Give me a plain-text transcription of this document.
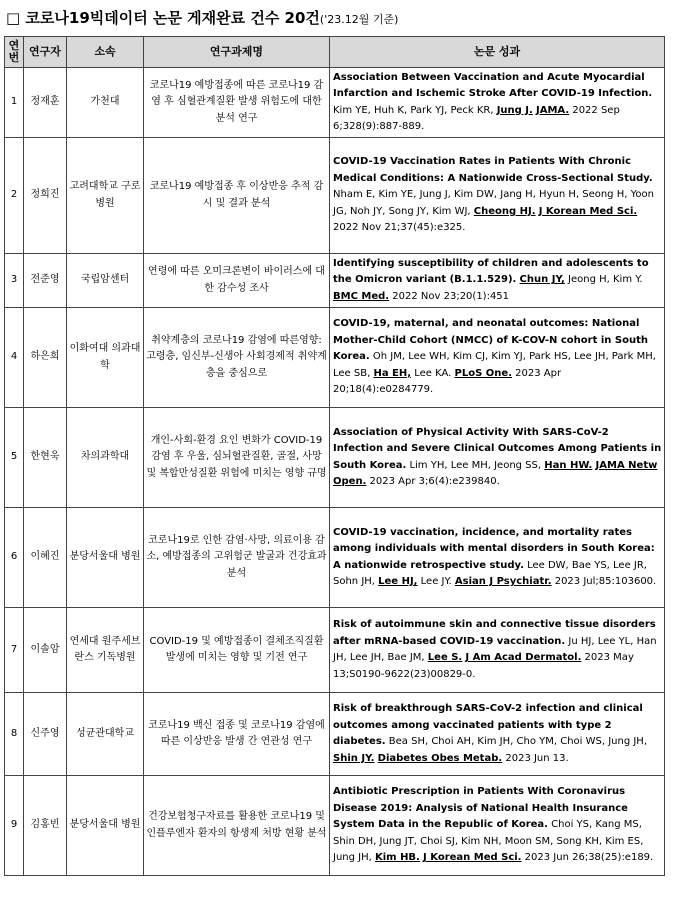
□ 코로나19빅데이터 논문 게재완료 건수 20건('23.12월 기준)
연번	연구자	소속	연구과제명	논문 성과
1	정재훈	가천대	코로나19 예방접종에 따른 코로나19 감염 후 심혈관계질환 발생 위험도에 대한 분석 연구	Association Between Vaccination and Acute Myocardial Infarction and Ischemic Stroke After COVID-19 Infection. Kim YE, Huh K, Park YJ, Peck KR, Jung J. JAMA. 2022 Sep 6;328(9):887-889.
2	정희진	고려대학교 구로병원	코로나19 예방접종 후 이상반응 추적 감시 및 결과 분석	COVID-19 Vaccination Rates in Patients With Chronic Medical Conditions: A Nationwide Cross-Sectional Study. Nham E, Kim YE, Jung J, Kim DW, Jang H, Hyun H, Seong H, Yoon JG, Noh JY, Song JY, Kim WJ, Cheong HJ. J Korean Med Sci. 2022 Nov 21;37(45):e325.
3	전준영	국립암센터	연령에 따른 오미크론변이 바이러스에 대한 감수성 조사	Identifying susceptibility of children and adolescents to the Omicron variant (B.1.1.529). Chun JY, Jeong H, Kim Y. BMC Med. 2022 Nov 23;20(1):451
4	하은희	이화여대 의과대학	취약계층의 코로나19 감염에 따른영향: 고령층, 임신부-신생아 사회경제적 취약계층을 중심으로	COVID-19, maternal, and neonatal outcomes: National Mother-Child Cohort (NMCC) of K-COV-N cohort in South Korea. Oh JM, Lee WH, Kim CJ, Kim YJ, Park HS, Lee JH, Park MH, Lee SB, Ha EH, Lee KA. PLoS One. 2023 Apr 20;18(4):e0284779.
5	한현욱	차의과학대	개인-사회-환경 요인 변화가 COVID-19 감염 후 우울, 심뇌혈관질환, 골절, 사망 및 복합만성질환 위험에 미치는 영향 규명	Association of Physical Activity With SARS-CoV-2 Infection and Severe Clinical Outcomes Among Patients in South Korea. Lim YH, Lee MH, Jeong SS, Han HW. JAMA Netw Open. 2023 Apr 3;6(4):e239840.
6	이혜진	분당서울대 병원	코로나19로 인한 감염·사망, 의료이용 감소, 예방접종의 고위험군 발굴과 건강효과 분석	COVID-19 vaccination, incidence, and mortality rates among individuals with mental disorders in South Korea: A nationwide retrospective study. Lee DW, Bae YS, Lee JR, Sohn JH, Lee HJ, Lee JY. Asian J Psychiatr. 2023 Jul;85:103600.
7	이솔암	연세대 원주세브란스 기독병원	COVID-19 및 예방접종이 결체조직질환 발생에 미치는 영향 및 기전 연구	Risk of autoimmune skin and connective tissue disorders after mRNA-based COVID-19 vaccination. Ju HJ, Lee YL, Han JH, Lee JH, Bae JM, Lee S. J Am Acad Dermatol. 2023 May 13;S0190-9622(23)00829-0.
8	신주영	성균관대학교	코로나19 백신 접종 및 코로나19 감염에 따른 이상반응 발생 간 연관성 연구	Risk of breakthrough SARS-CoV-2 infection and clinical outcomes among vaccinated patients with type 2 diabetes. Bea SH, Choi AH, Kim JH, Cho YM, Choi WS, Jung JH, Shin JY. Diabetes Obes Metab. 2023 Jun 13.
9	김홍빈	분당서울대 병원	건강보험청구자료를 활용한 코로나19 및 인플루엔자 환자의 항생제 처방 현황 분석	Antibiotic Prescription in Patients With Coronavirus Disease 2019: Analysis of National Health Insurance System Data in the Republic of Korea. Choi YS, Kang MS, Shin DH, Jung JT, Choi SJ, Kim NH, Moon SM, Song KH, Kim ES, Jung JH, Kim HB. J Korean Med Sci. 2023 Jun 26;38(25):e189.
